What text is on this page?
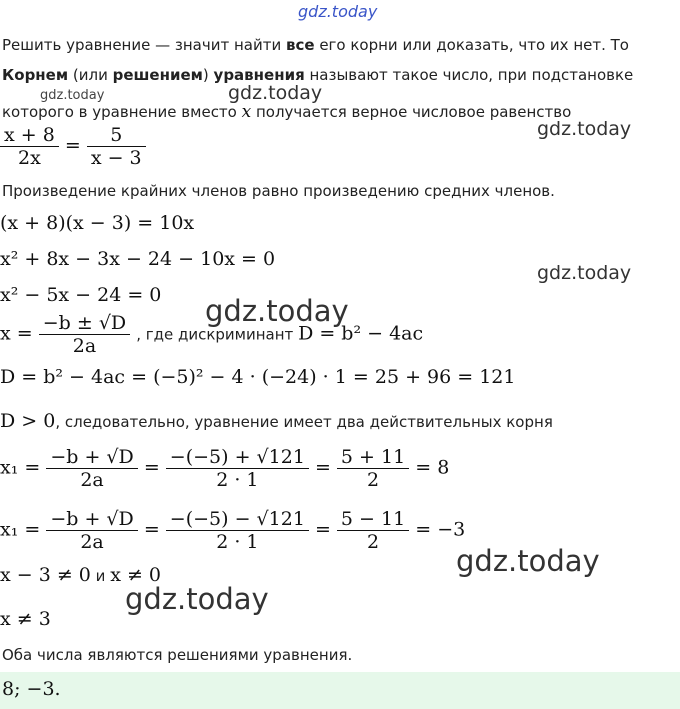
gdz.today
gdz.today	gdz.today
gdz.today
gdz.today
gdz.today
gdz.today
gdz.today
Решить уравнение — значит найти все его корни или доказать, что их нет. То
Корнем (или решением) уравнения называют такое число, при подстановке
которого в уравнение вместо x получается верное числовое равенство
$\frac{x + 8}{2x} = \frac{5}{x - 3}$
Произведение крайних членов равно произведению средних членов.
(x + 8)(x − 3) = 10x
x² + 8x − 3x − 24 − 10x = 0
x² − 5x − 24 = 0
$x = \frac{-b \pm √D}{2a}$ , где дискриминант D = b² − 4ac
D = b² − 4ac = (−5)² − 4 · (−24) · 1 = 25 + 96 = 121
D > 0, следовательно, уравнение имеет два действительных корня
$x_1 = \frac{-b + √D}{2a} = \frac{-(-5) + √121}{2 \cdot 1} = \frac{5 + 11}{2} = 8$
$x_1 = \frac{-b + √D}{2a} = \frac{-(-5) - √121}{2 \cdot 1} = \frac{5 - 11}{2} = -3$
x − 3 ≠ 0 и x ≠ 0
x ≠ 3
Оба числа являются решениями уравнения.
8; −3.
